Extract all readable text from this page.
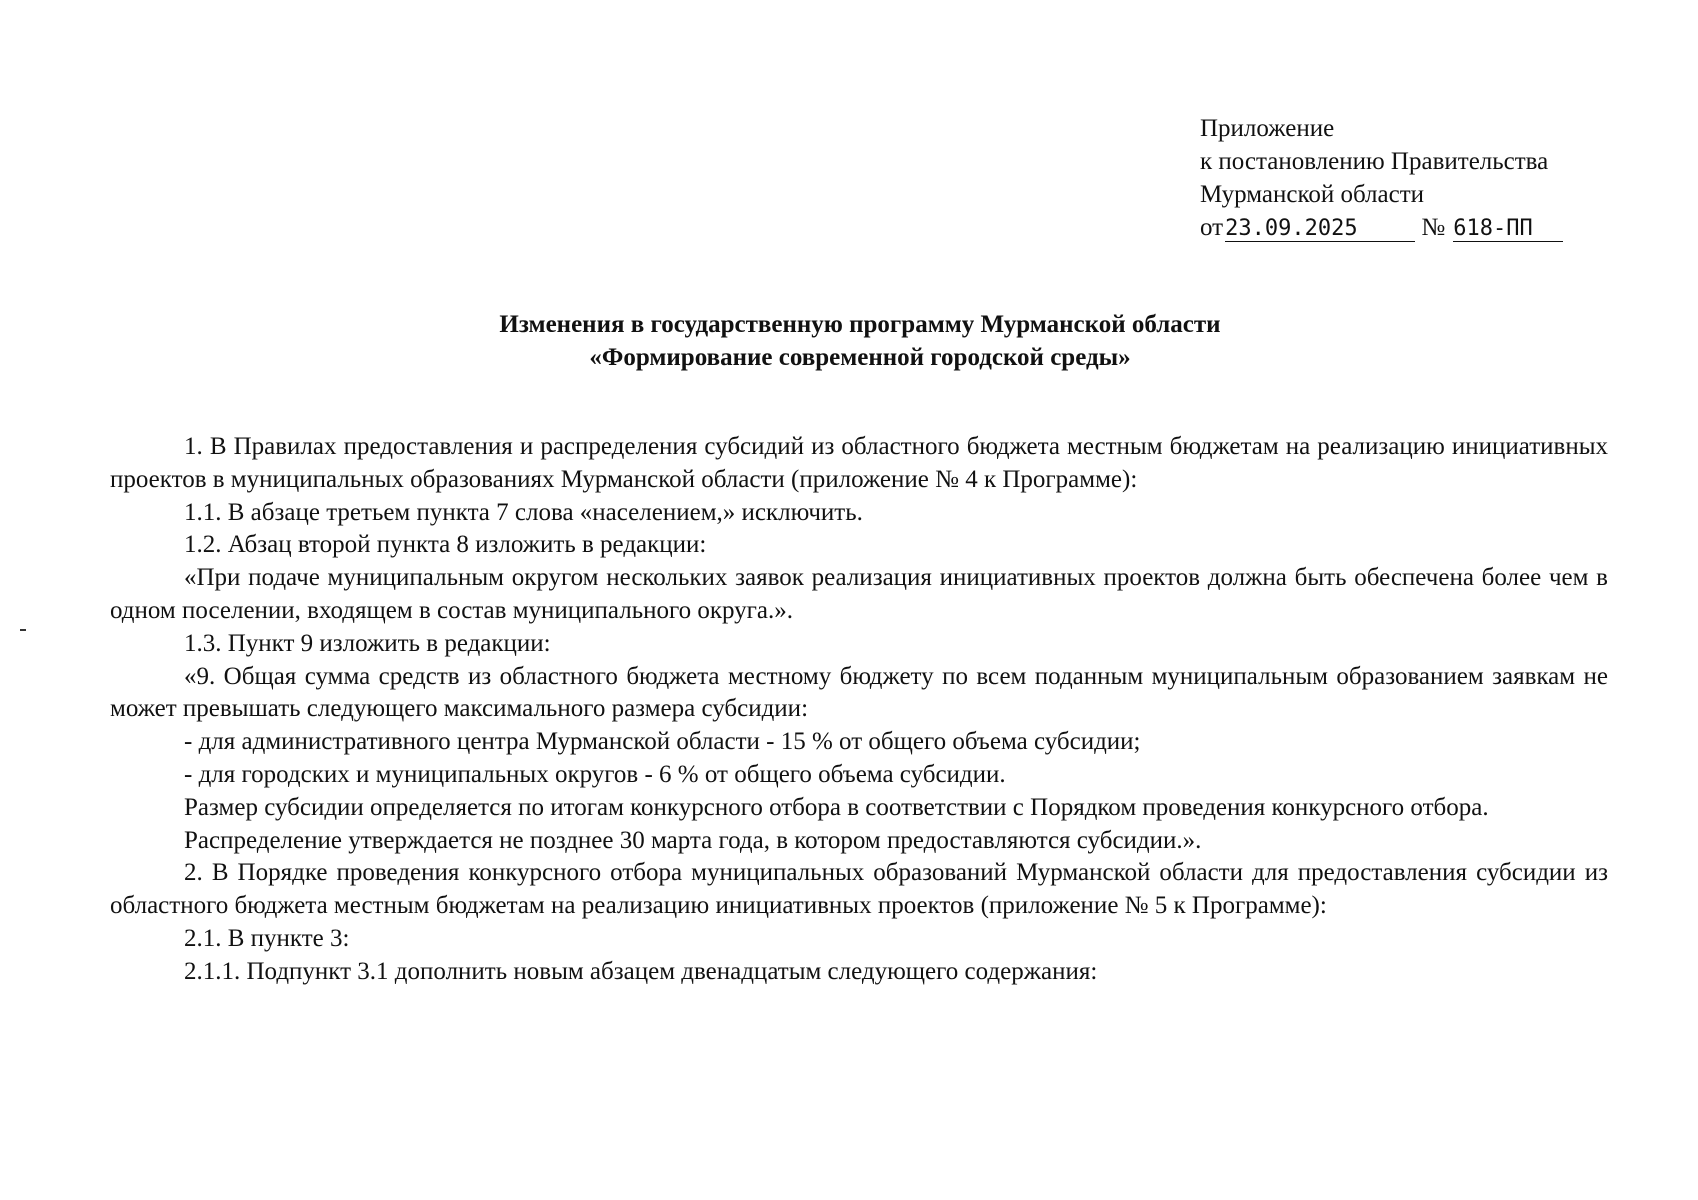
Приложение
к постановлению Правительства
Мурманской области
от23.09.2025	№ 618-ПП
Изменения в государственную программу Мурманской области
«Формирование современной городской среды»

1. В Правилах предоставления и распределения субсидий из областного бюджета местным бюджетам на реализацию инициативных проектов в муниципальных образованиях Мурманской области (приложение № 4 к Программе):

1.1. В абзаце третьем пункта 7 слова «населением,» исключить.

1.2. Абзац второй пункта 8 изложить в редакции:

«При подаче муниципальным округом нескольких заявок реализация инициативных проектов должна быть обеспечена более чем в одном поселении, входящем в состав муниципального округа.».

1.3. Пункт 9 изложить в редакции:

«9. Общая сумма средств из областного бюджета местному бюджету по всем поданным муниципальным образованием заявкам не может превышать следующего максимального размера субсидии:

- для административного центра Мурманской области - 15 % от общего объема субсидии;

- для городских и муниципальных округов - 6 % от общего объема субсидии.

Размер субсидии определяется по итогам конкурсного отбора в соответствии с Порядком проведения конкурсного отбора.

Распределение утверждается не позднее 30 марта года, в котором предоставляются субсидии.».

2. В Порядке проведения конкурсного отбора муниципальных образований Мурманской области для предоставления субсидии из областного бюджета местным бюджетам на реализацию инициативных проектов (приложение № 5 к Программе):

2.1. В пункте 3:

2.1.1. Подпункт 3.1 дополнить новым абзацем двенадцатым следующего содержания:
